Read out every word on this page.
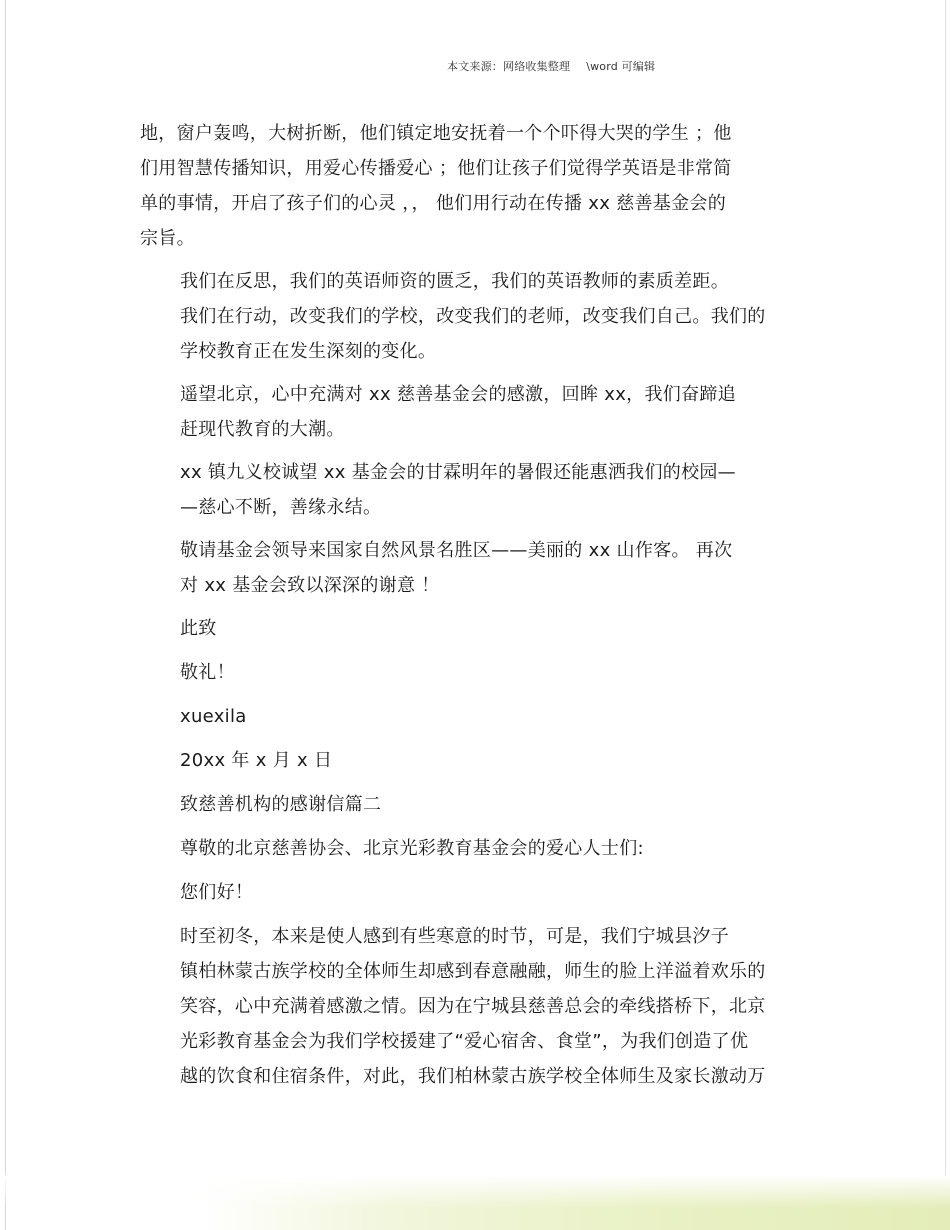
本文来源：网络收集整理 \word 可编辑
地，窗户轰鸣，大树折断，他们镇定地安抚着一个个吓得大哭的学生 ；他
们用智慧传播知识，用爱心传播爱心 ；他们让孩子们觉得学英语是非常简
单的事情，开启了孩子们的心灵 ，， 他们用行动在传播 xx 慈善基金会的
宗旨。
我们在反思，我们的英语师资的匮乏，我们的英语教师的素质差距。
我们在行动，改变我们的学校，改变我们的老师，改变我们自己。我们的
学校教育正在发生深刻的变化。
遥望北京，心中充满对 xx 慈善基金会的感激，回眸 xx，我们奋蹄追
赶现代教育的大潮。
xx 镇九义校诚望 xx 基金会的甘霖明年的暑假还能惠洒我们的校园—
—慈心不断，善缘永结。
敬请基金会领导来国家自然风景名胜区——美丽的 xx 山作客。 再次
对 xx 基金会致以深深的谢意 ！
此致
敬礼！
xuexila
20xx 年 x 月 x 日
致慈善机构的感谢信篇二
尊敬的北京慈善协会、北京光彩教育基金会的爱心人士们:
您们好！
时至初冬，本来是使人感到有些寒意的时节，可是，我们宁城县汐子
镇柏林蒙古族学校的全体师生却感到春意融融，师生的脸上洋溢着欢乐的
笑容，心中充满着感激之情。因为在宁城县慈善总会的牵线搭桥下，北京
光彩教育基金会为我们学校援建了“爱心宿舍、食堂”，为我们创造了优
越的饮食和住宿条件，对此，我们柏林蒙古族学校全体师生及家长激动万
